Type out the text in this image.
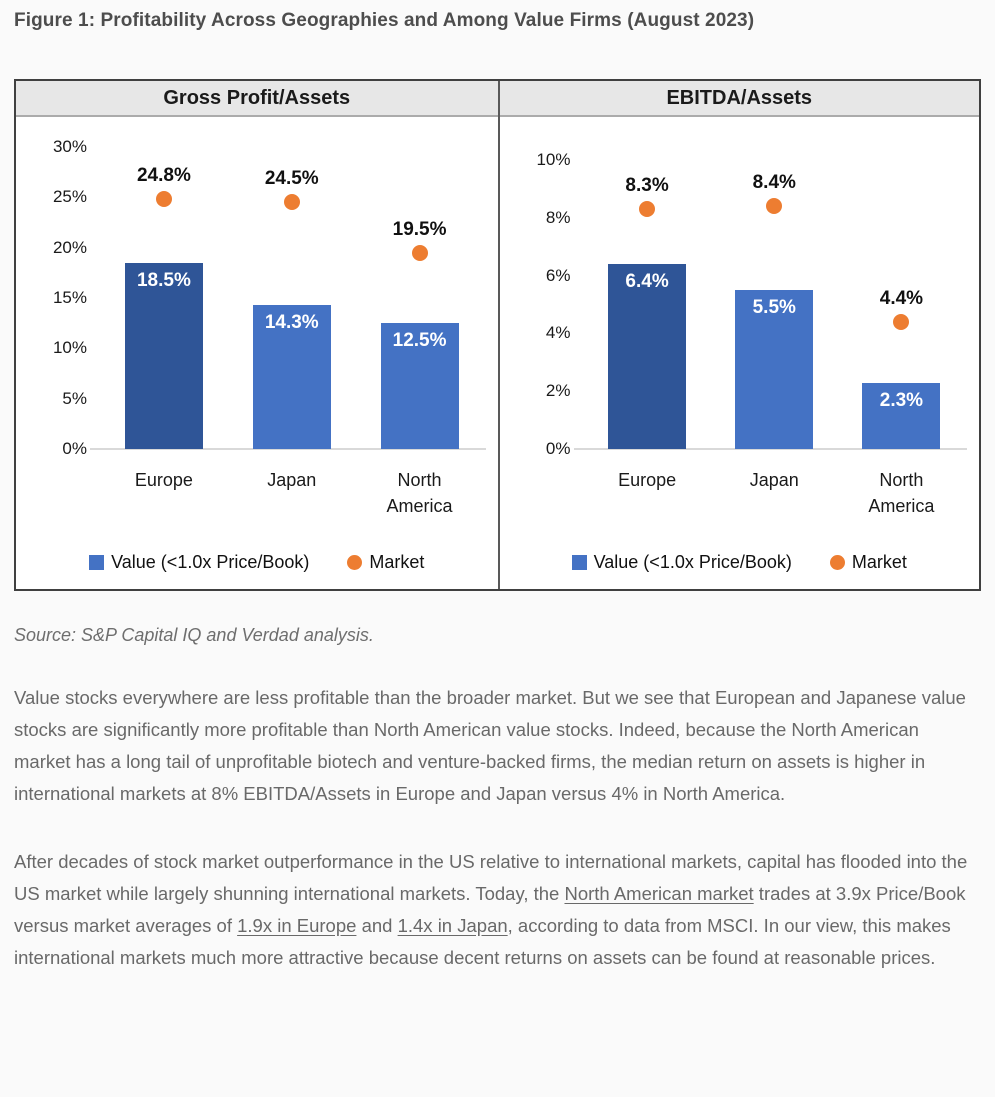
Figure 1: Profitability Across Geographies and Among Value Firms (August 2023)
Gross Profit/Assets
30%
25%
20%
15%
10%
5%
0%
18.5%
24.8%
14.3%
24.5%
12.5%
19.5%
Europe	Japan	North America
Value (<1.0x Price/Book)	Market
EBITDA/Assets
10%
8%
6%
4%
2%
0%
6.4%
8.3%
5.5%
8.4%
2.3%
4.4%
Europe	Japan	North America
Value (<1.0x Price/Book)	Market

Source: S&P Capital IQ and Verdad analysis.

Value stocks everywhere are less profitable than the broader market. But we see that European and Japanese value stocks are significantly more profitable than North American value stocks. Indeed, because the North American market has a long tail of unprofitable biotech and venture-backed firms, the median return on assets is higher in international markets at 8% EBITDA/Assets in Europe and Japan versus 4% in North America.

After decades of stock market outperformance in the US relative to international markets, capital has flooded into the US market while largely shunning international markets. Today, the North American market trades at 3.9x Price/Book versus market averages of 1.9x in Europe and 1.4x in Japan, according to data from MSCI. In our view, this makes international markets much more attractive because decent returns on assets can be found at reasonable prices.
